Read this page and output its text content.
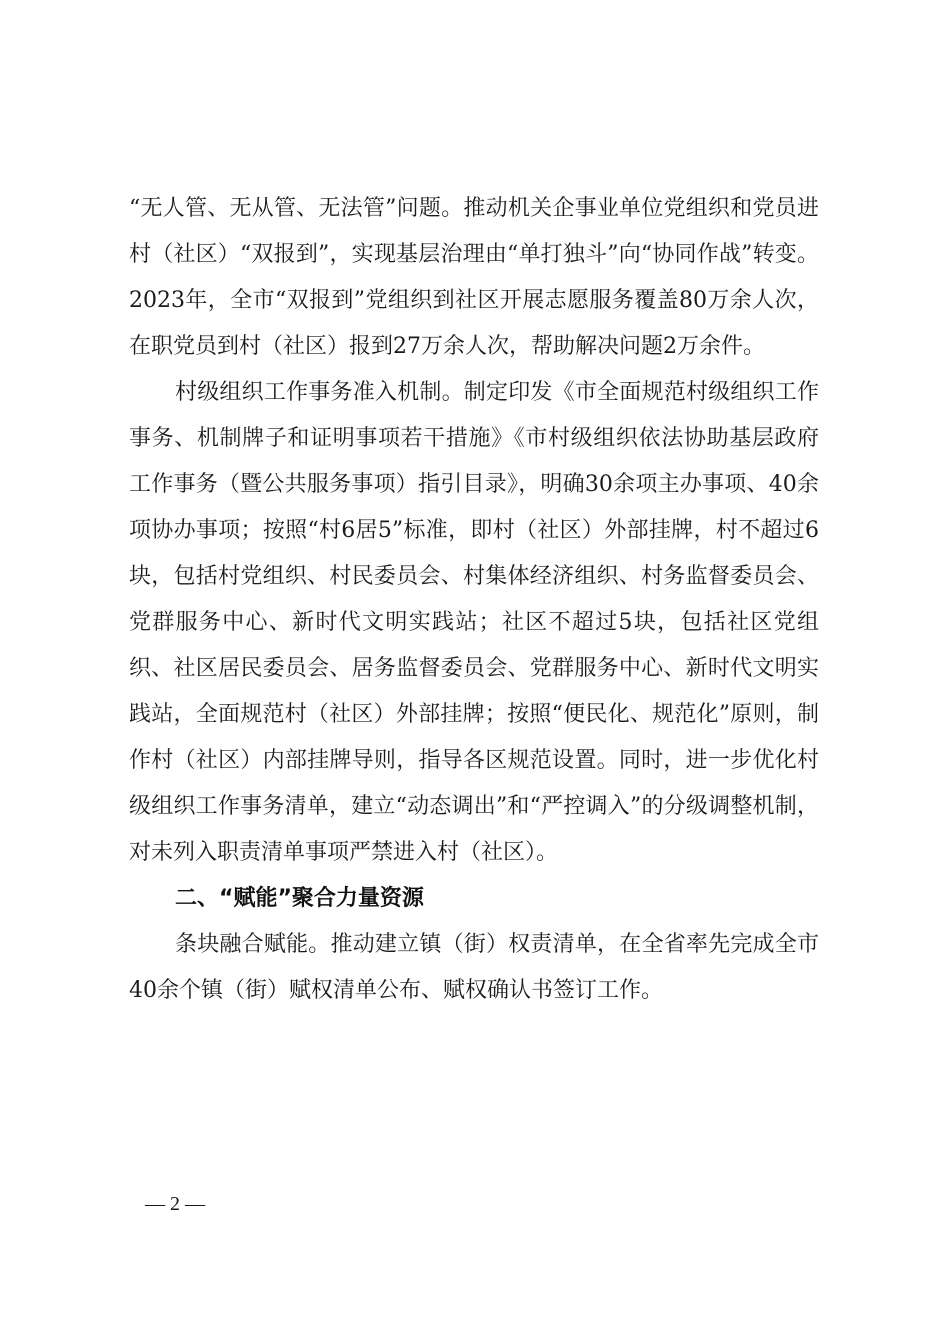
“无人管、无从管、无法管”问题。推动机关企事业单位党组织和党员进村（社区）“双报到”，实现基层治理由“单打独斗”向“协同作战”转变。2023年，全市“双报到”党组织到社区开展志愿服务覆盖80万余人次，在职党员到村（社区）报到27万余人次，帮助解决问题2万余件。

村级组织工作事务准入机制。制定印发《市全面规范村级组织工作事务、机制牌子和证明事项若干措施》《市村级组织依法协助基层政府工作事务（暨公共服务事项）指引目录》，明确30余项主办事项、40余项协办事项；按照“村6居5”标准，即村（社区）外部挂牌，村不超过6块，包括村党组织、村民委员会、村集体经济组织、村务监督委员会、党群服务中心、新时代文明实践站；社区不超过5块，包括社区党组织、社区居民委员会、居务监督委员会、党群服务中心、新时代文明实践站，全面规范村（社区）外部挂牌；按照“便民化、规范化”原则，制作村（社区）内部挂牌导则，指导各区规范设置。同时，进一步优化村级组织工作事务清单，建立“动态调出”和“严控调入”的分级调整机制，对未列入职责清单事项严禁进入村（社区）。

二、“赋能”聚合力量资源

条块融合赋能。推动建立镇（街）权责清单，在全省率先完成全市40余个镇（街）赋权清单公布、赋权确认书签订工作。

— 2 —
